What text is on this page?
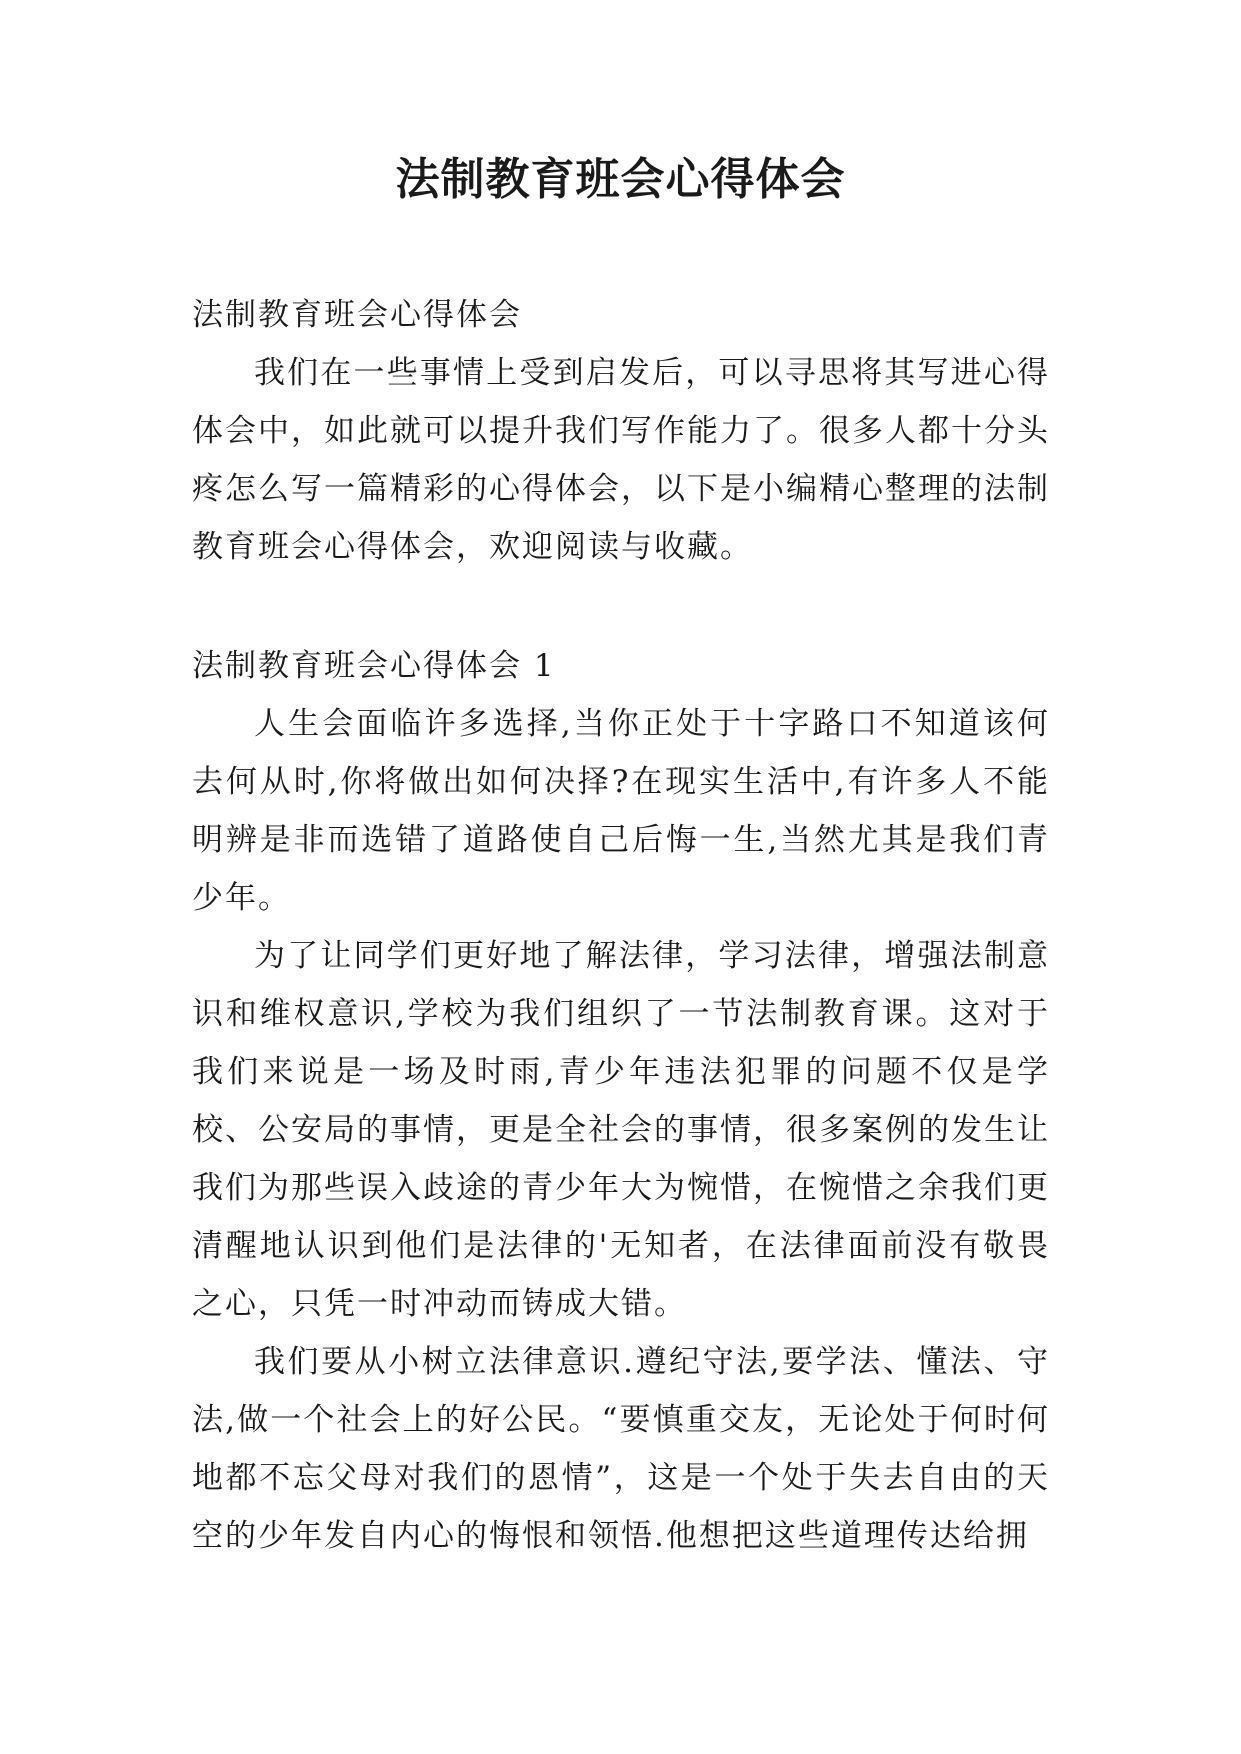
法制教育班会心得体会

法制教育班会心得体会

我们在一些事情上受到启发后，可以寻思将其写进心得体会中，如此就可以提升我们写作能力了。很多人都十分头疼怎么写一篇精彩的心得体会，以下是小编精心整理的法制教育班会心得体会，欢迎阅读与收藏。

法制教育班会心得体会 1

人生会面临许多选择,当你正处于十字路口不知道该何去何从时,你将做出如何决择?在现实生活中,有许多人不能明辨是非而选错了道路使自己后悔一生,当然尤其是我们青少年。

为了让同学们更好地了解法律，学习法律，增强法制意识和维权意识,学校为我们组织了一节法制教育课。这对于我们来说是一场及时雨,青少年违法犯罪的问题不仅是学校、公安局的事情，更是全社会的事情，很多案例的发生让我们为那些误入歧途的青少年大为惋惜，在惋惜之余我们更清醒地认识到他们是法律的'无知者，在法律面前没有敬畏之心，只凭一时冲动而铸成大错。

我们要从小树立法律意识.遵纪守法,要学法、懂法、守法,做一个社会上的好公民。“要慎重交友，无论处于何时何地都不忘父母对我们的恩情”，这是一个处于失去自由的天空的少年发自内心的悔恨和领悟.他想把这些道理传达给拥
